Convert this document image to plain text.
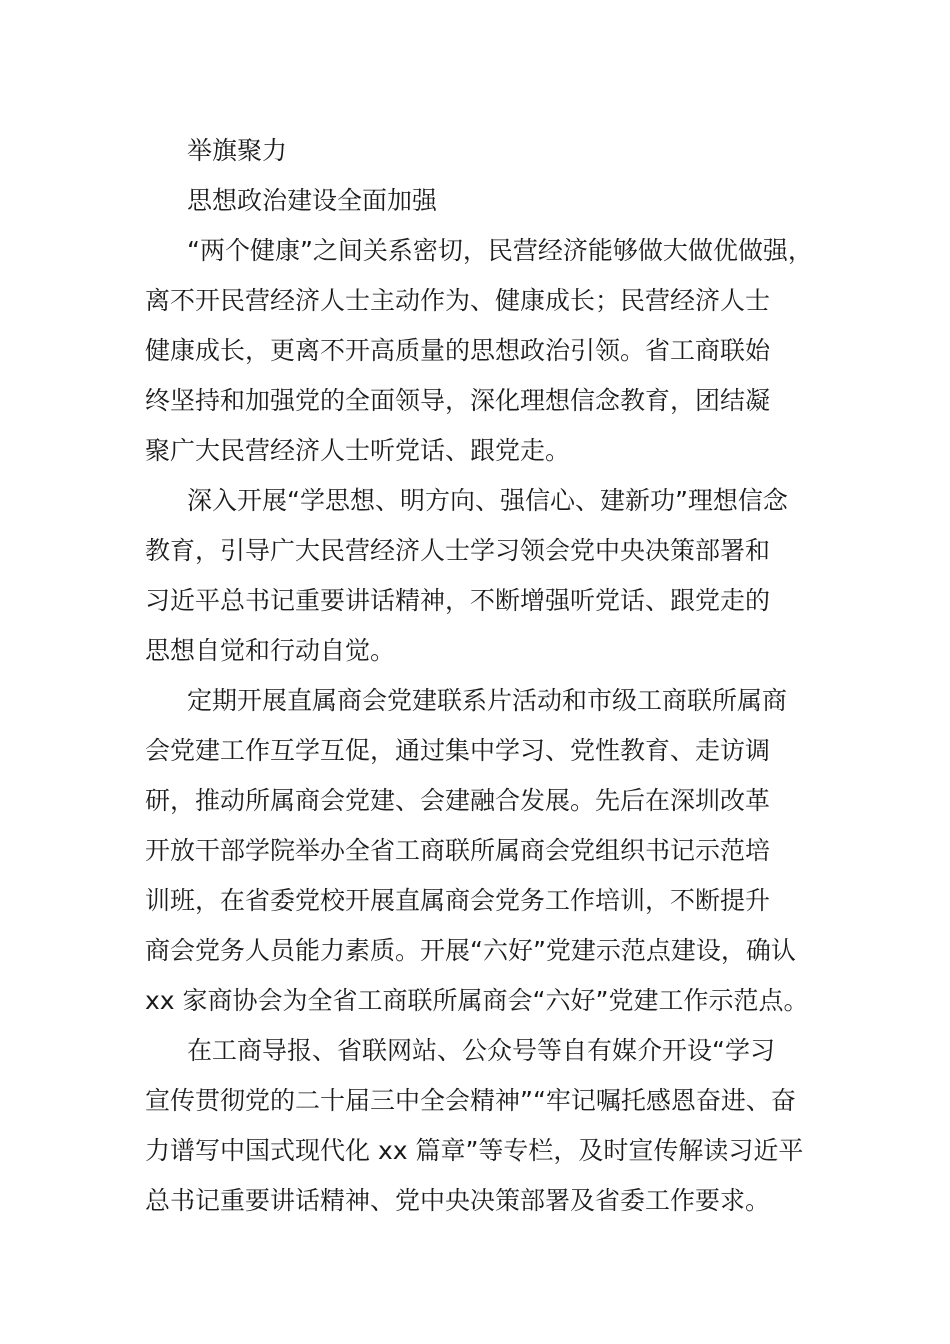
举旗聚力
思想政治建设全面加强

“两个健康”之间关系密切，民营经济能够做大做优做强，
离不开民营经济人士主动作为、健康成长；民营经济人士
健康成长，更离不开高质量的思想政治引领。省工商联始
终坚持和加强党的全面领导，深化理想信念教育，团结凝
聚广大民营经济人士听党话、跟党走。

深入开展“学思想、明方向、强信心、建新功”理想信念
教育，引导广大民营经济人士学习领会党中央决策部署和
习近平总书记重要讲话精神，不断增强听党话、跟党走的
思想自觉和行动自觉。

定期开展直属商会党建联系片活动和市级工商联所属商
会党建工作互学互促，通过集中学习、党性教育、走访调
研，推动所属商会党建、会建融合发展。先后在深圳改革
开放干部学院举办全省工商联所属商会党组织书记示范培
训班，在省委党校开展直属商会党务工作培训，不断提升
商会党务人员能力素质。开展“六好”党建示范点建设，确认
xx 家商协会为全省工商联所属商会“六好”党建工作示范点。

在工商导报、省联网站、公众号等自有媒介开设“学习
宣传贯彻党的二十届三中全会精神”“牢记嘱托感恩奋进、奋
力谱写中国式现代化 xx 篇章”等专栏，及时宣传解读习近平
总书记重要讲话精神、党中央决策部署及省委工作要求。
